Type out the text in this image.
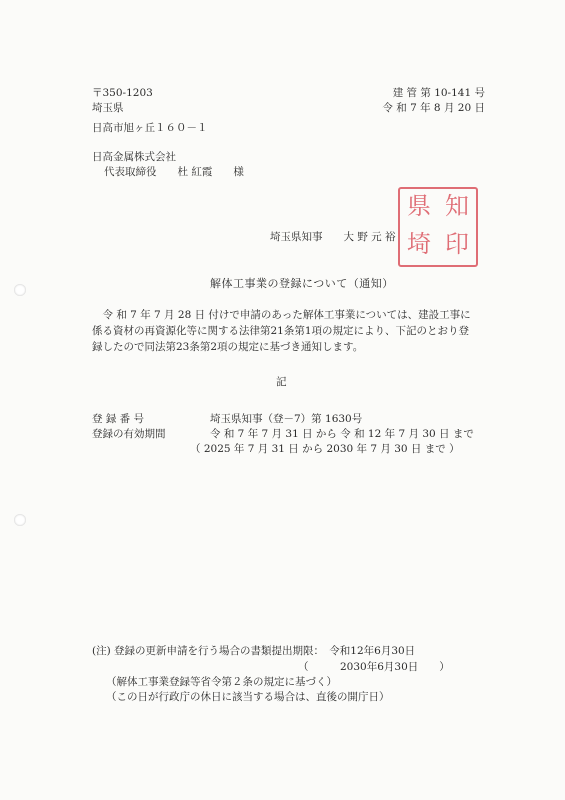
〒350-1203
埼玉県
日高市旭ヶ丘１６０－１
建 管 第 10-141 号
令 和 7 年 8 月 20 日
日高金属株式会社
代表取締役　　杜 紅霞　　様
埼玉県知事　　大 野 元 裕
県 知
埼 印
解体工事業の登録について（通知）
令 和 7 年 7 月 28 日 付けで申請のあった解体工事業については、建設工事に係る資材の再資源化等に関する法律第21条第1項の規定により、下記のとおり登録したので同法第23条第2項の規定に基づき通知します。
記
登 録 番 号	埼玉県知事（登－7）第 1630号
登録の有効期間	令 和 7 年 7 月 31 日 から 令 和 12 年 7 月 30 日 まで
（ 2025 年 7 月 31 日 から 2030 年 7 月 30 日 まで ）
(注) 登録の更新申請を行う場合の書類提出期限：　令和12年6月30日
（　　　2030年6月30日　　）
（解体工事業登録等省令第２条の規定に基づく）
（この日が行政庁の休日に該当する場合は、直後の開庁日）
